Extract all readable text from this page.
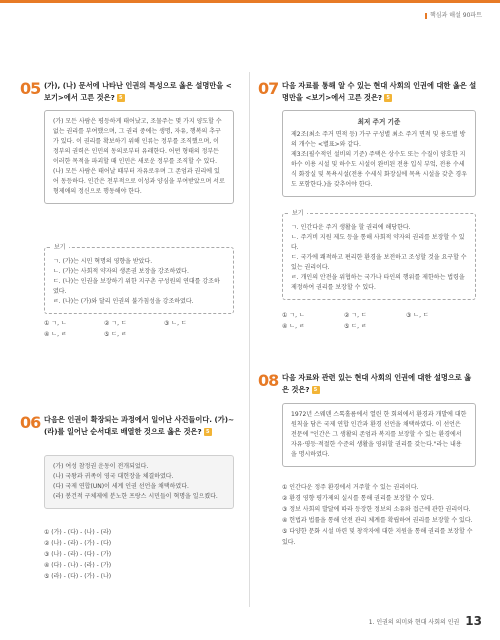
핵심과 해설 90파트
05 (가), (나) 문서에 나타난 인권의 특성으로 옳은 설명만을 <보기>에서 고른 것은? 5

(가) 모든 사람은 평등하게 태어났고, 조물주는 몇 가지 양도할 수 없는 권리를 부여했으며, 그 권리 중에는 생명, 자유, 행복의 추구가 있다. 이 권리를 확보하기 위해 인류는 정부를 조직했으며, 이 정부의 권력은 인민의 동의로부터 유래한다. 어떤 형태의 정부든 이러한 목적을 파괴할 때 인민은 새로운 정부를 조직할 수 있다.

(나) 모든 사람은 태어날 때부터 자유로우며 그 존엄과 권리에 있어 동등하다. 인간은 천부적으로 이성과 양심을 부여받았으며 서로 형제애의 정신으로 행동해야 한다.

보기
ㄱ. (가)는 시민 혁명의 영향을 받았다.
ㄴ. (가)는 사회적 약자의 생존권 보장을 강조하였다.
ㄷ. (나)는 인권을 보장하기 위한 지구촌 구성원의 연대를 강조하였다.
ㄹ. (나)는 (가)와 달리 인권의 불가침성을 강조하였다.
① ㄱ, ㄴ	② ㄱ, ㄷ	③ ㄴ, ㄷ
④ ㄴ, ㄹ	⑤ ㄷ, ㄹ
06 다음은 인권이 확장되는 과정에서 일어난 사건들이다. (가)~(라)를 일어난 순서대로 배열한 것으로 옳은 것은? 5

(가) 여성 참정권 운동이 전개되었다.

(나) 국왕과 귀족이 영국 대헌장을 체결하였다.

(다) 국제 연합(UN)이 세계 인권 선언을 채택하였다.

(라) 봉건적 구체제에 분노한 프랑스 시민들이 혁명을 일으켰다.

① (가) - (다) - (나) - (라)
② (나) - (라) - (가) - (다)
③ (나) - (라) - (다) - (가)
④ (다) - (나) - (라) - (가)
⑤ (라) - (다) - (가) - (나)
07 다음 자료를 통해 알 수 있는 현대 사회의 인권에 대한 옳은 설명만을 <보기>에서 고른 것은? 5
최저 주거 기준

제2조(최소 주거 면적 등) 가구 구성별 최소 주거 면적 및 용도별 방의 개수는 <별표>와 같다.

제3조(필수적인 설비의 기준) 주택은 상수도 또는 수질이 양호한 지하수 이용 시설 및 하수도 시설이 완비된 전용 입식 부엌, 전용 수세식 화장실 및 목욕시설(전용 수세식 화장실에 목욕 시설을 갖춘 경우도 포함한다.)을 갖추어야 한다.

보기
ㄱ. 인간다운 주거 생활을 할 권리에 해당한다.
ㄴ. 주거비 지원 제도 등을 통해 사회적 약자의 권리를 보장할 수 있다.
ㄷ. 국가에 쾌적하고 편리한 환경을 보전하고 조성할 것을 요구할 수 있는 권리이다.
ㄹ. 개인의 안전을 위협하는 국가나 타인의 행위를 제한하는 법령을 제정하여 권리를 보장할 수 있다.
① ㄱ, ㄴ	② ㄱ, ㄷ	③ ㄴ, ㄷ
④ ㄴ, ㄹ	⑤ ㄷ, ㄹ
08 다음 자료와 관련 있는 현대 사회의 인권에 대한 설명으로 옳은 것은? 5

1972년 스웨덴 스톡홀름에서 열린 한 회의에서 환경과 개발에 대한 원칙을 담은 국제 연합 인간과 환경 선언을 채택하였다. 이 선언은 전문에 "인간은 그 생활의 존엄과 복지를 보장할 수 있는 환경에서 자유·평등·적절한 수준의 생활을 영위할 권리를 갖는다."라는 내용을 명시하였다.

① 인간다운 정주 환경에서 거주할 수 있는 권리이다.
② 환경 영향 평가제의 실시를 통해 권리를 보장할 수 있다.
③ 정보 사회의 발달에 따라 등장한 정보의 소유와 접근에 관한 권리이다.
④ 헌법과 법률을 통해 안전 관리 체계를 확립하여 권리를 보장할 수 있다.
⑤ 다양한 문화 시설 마련 및 창작자에 대한 지원을 통해 권리를 보장할 수 있다.
1. 인권의 의미와 현대 사회의 인권 13
